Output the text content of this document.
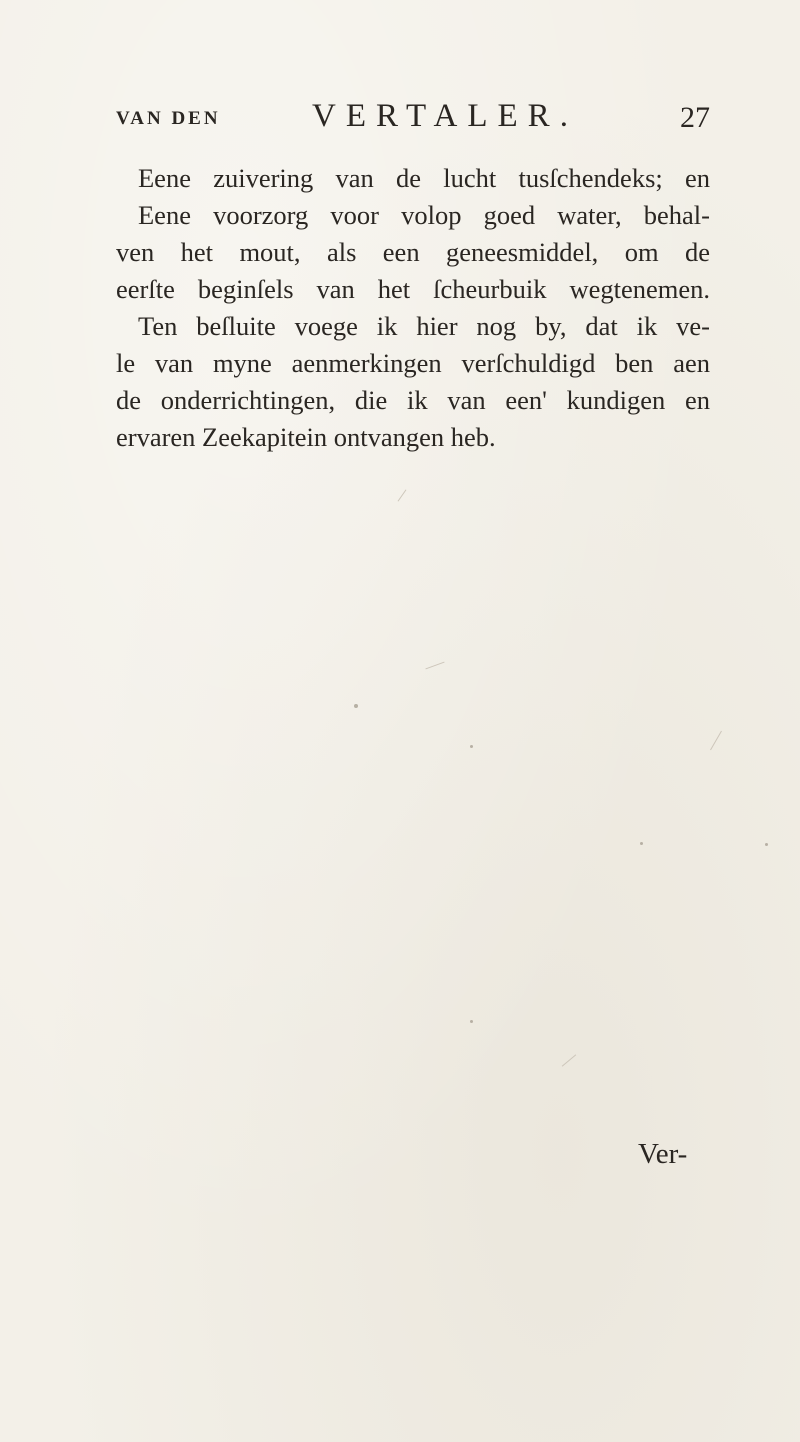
VAN DEN	VERTALER.	27
Eene zuivering van de lucht tusſchendeks; en
Eene voorzorg voor volop goed water, behal-
ven het mout, als een geneesmiddel, om de
eerſte beginſels van het ſcheurbuik wegtenemen.
Ten beſluite voege ik hier nog by, dat ik ve-
le van myne aenmerkingen verſchuldigd ben aen
de onderrichtingen, die ik van een' kundigen en
ervaren Zeekapitein ontvangen heb.
Ver-
